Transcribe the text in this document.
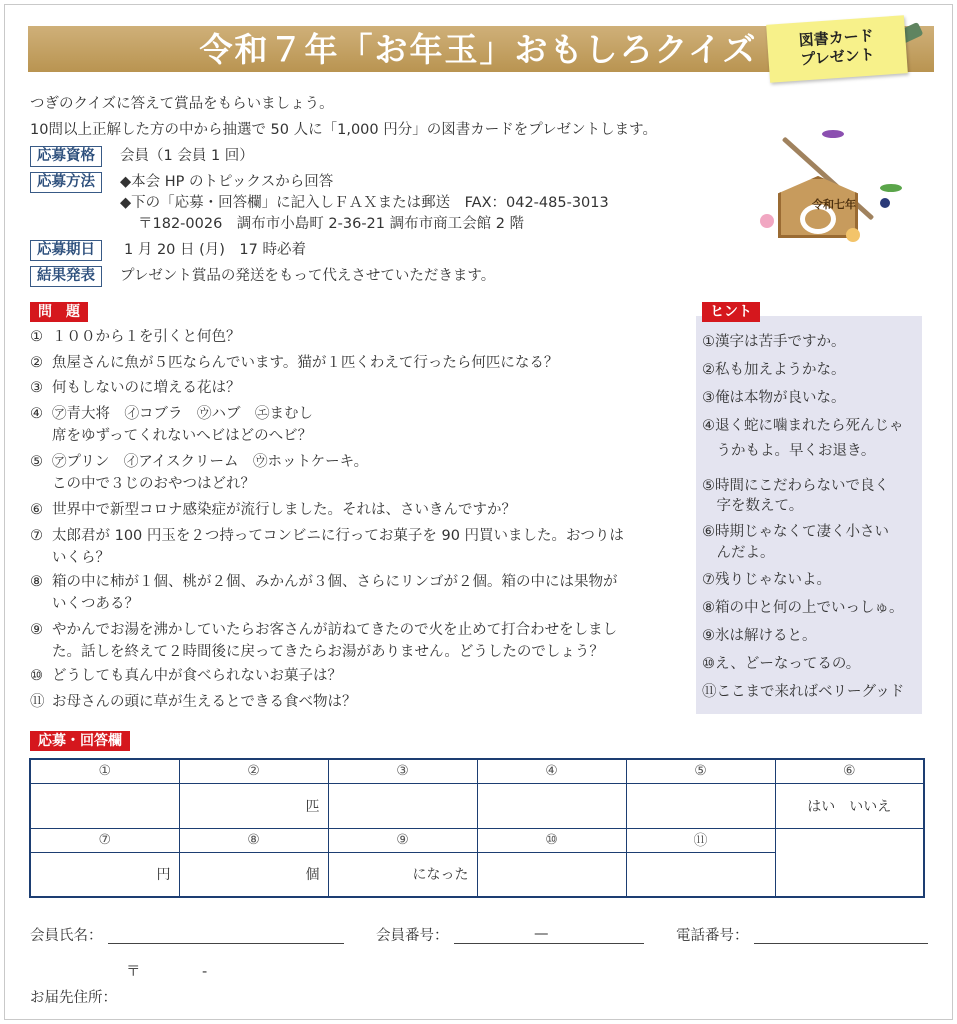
令和７年「お年玉」おもしろクイズ	図書カード
プレゼント
つぎのクイズに答えて賞品をもらいましょう。
10問以上正解した方の中から抽選で 50 人に「1,000 円分」の図書カードをプレゼントします。
応募資格	会員（1 会員 1 回）
応募方法	◆本会 HP のトピックスから回答
◆下の「応募・回答欄」に記入しＦＡＸまたは郵送　FAX：042-485-3013
〒182-0026　調布市小島町 2-36-21 調布市商工会館 2 階
応募期日	1 月 20 日 (月)　17 時必着
結果発表	プレゼント賞品の発送をもって代えさせていただきます。
令和七年
問　題
① １００から１を引くと何色？
② 魚屋さんに魚が５匹ならんでいます。猫が１匹くわえて行ったら何匹になる？
③ 何もしないのに増える花は？
④ ㋐青大将　㋑コブラ　㋒ハブ　㋓まむし
席をゆずってくれないへビはどのへビ？
⑤ ㋐プリン　㋑アイスクリーム　㋒ホットケーキ。
この中で３じのおやつはどれ？
⑥ 世界中で新型コロナ感染症が流行しました。それは、さいきんですか？
⑦ 太郎君が 100 円玉を２つ持ってコンビニに行ってお菓子を 90 円買いました。おつりは
いくら？
⑧ 箱の中に柿が１個、桃が２個、みかんが３個、さらにリンゴが２個。箱の中には果物が
いくつある？
⑨ やかんでお湯を沸かしていたらお客さんが訪ねてきたので火を止めて打合わせをしまし
た。話しを終えて２時間後に戻ってきたらお湯がありません。どうしたのでしょう？
⑩ どうしても真ん中が食べられないお菓子は？
⑪ お母さんの頭に草が生えるとできる食べ物は？
ヒント
①漢字は苦手ですか。
②私も加えようかな。
③俺は本物が良いな。
④退く蛇に噛まれたら死んじゃ
　うかもよ。早くお退き。
⑤時間にこだわらないで良く
　字を数えて。
⑥時期じゃなくて凄く小さい
　んだよ。
⑦残りじゃないよ。
⑧箱の中と何の上でいっしゅ。
⑨氷は解けると。
⑩え、どーなってるの。
⑪ここまで来ればベリーグッド
応募・回答欄
①	②	③	④	⑤	⑥
	匹				はい　いいえ
⑦	⑧	⑨	⑩	⑪	
円	個	になった			
会員氏名：	会員番号：	—	電話番号：
〒	-
お届先住所：
